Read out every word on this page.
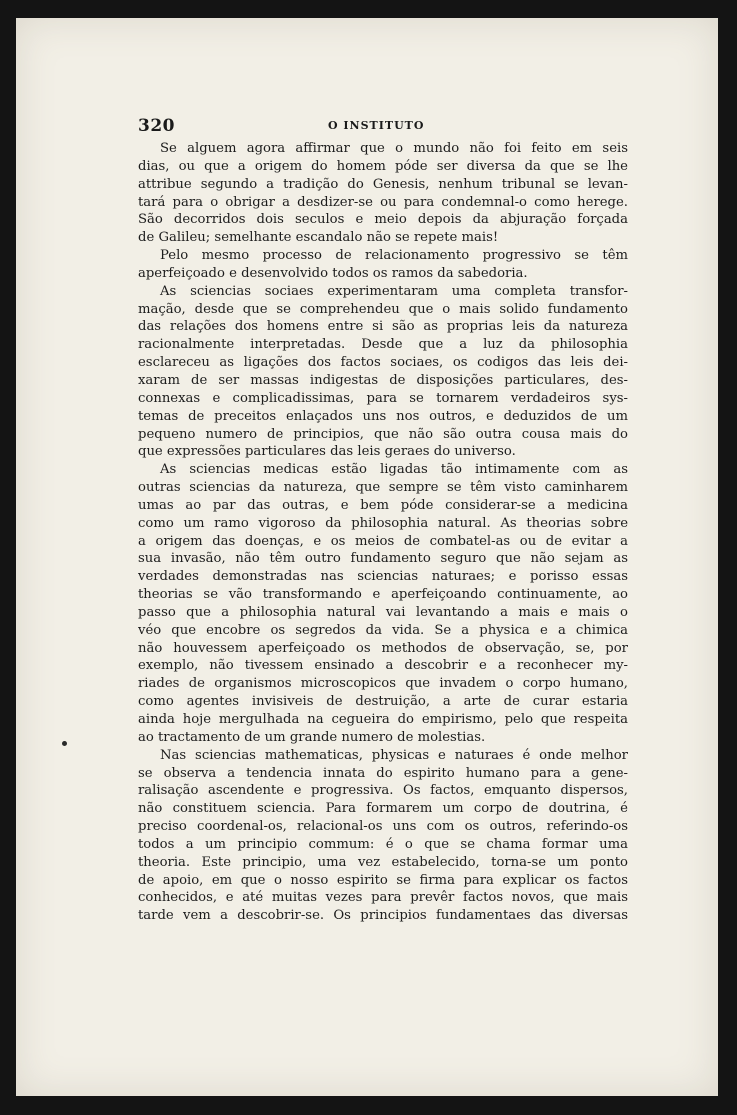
320	O INSTITUTO
Se alguem agora affirmar que o mundo não foi feito em seis
dias, ou que a origem do homem póde ser diversa da que se lhe
attribue segundo a tradição do Genesis, nenhum tribunal se levan-
tará para o obrigar a desdizer-se ou para condemnal-o como herege.
São decorridos dois seculos e meio depois da abjuração forçada
de Galileu; semelhante escandalo não se repete mais!
Pelo mesmo processo de relacionamento progressivo se têm
aperfeiçoado e desenvolvido todos os ramos da sabedoria.
As sciencias sociaes experimentaram uma completa transfor-
mação, desde que se comprehendeu que o mais solido fundamento
das relações dos homens entre si são as proprias leis da natureza
racionalmente interpretadas. Desde que a luz da philosophia
esclareceu as ligações dos factos sociaes, os codigos das leis dei-
xaram de ser massas indigestas de disposições particulares, des-
connexas e complicadissimas, para se tornarem verdadeiros sys-
temas de preceitos enlaçados uns nos outros, e deduzidos de um
pequeno numero de principios, que não são outra cousa mais do
que expressões particulares das leis geraes do universo.
As sciencias medicas estão ligadas tão intimamente com as
outras sciencias da natureza, que sempre se têm visto caminharem
umas ao par das outras, e bem póde considerar-se a medicina
como um ramo vigoroso da philosophia natural. As theorias sobre
a origem das doenças, e os meios de combatel-as ou de evitar a
sua invasão, não têm outro fundamento seguro que não sejam as
verdades demonstradas nas sciencias naturaes; e porisso essas
theorias se vão transformando e aperfeiçoando continuamente, ao
passo que a philosophia natural vai levantando a mais e mais o
véo que encobre os segredos da vida. Se a physica e a chimica
não houvessem aperfeiçoado os methodos de observação, se, por
exemplo, não tivessem ensinado a descobrir e a reconhecer my-
riades de organismos microscopicos que invadem o corpo humano,
como agentes invisiveis de destruição, a arte de curar estaria
ainda hoje mergulhada na cegueira do empirismo, pelo que respeita
ao tractamento de um grande numero de molestias.
Nas sciencias mathematicas, physicas e naturaes é onde melhor
se observa a tendencia innata do espirito humano para a gene-
ralisação ascendente e progressiva. Os factos, emquanto dispersos,
não constituem sciencia. Para formarem um corpo de doutrina, é
preciso coordenal-os, relacional-os uns com os outros, referindo-os
todos a um principio commum: é o que se chama formar uma
theoria. Este principio, uma vez estabelecido, torna-se um ponto
de apoio, em que o nosso espirito se firma para explicar os factos
conhecidos, e até muitas vezes para prevêr factos novos, que mais
tarde vem a descobrir-se. Os principios fundamentaes das diversas
